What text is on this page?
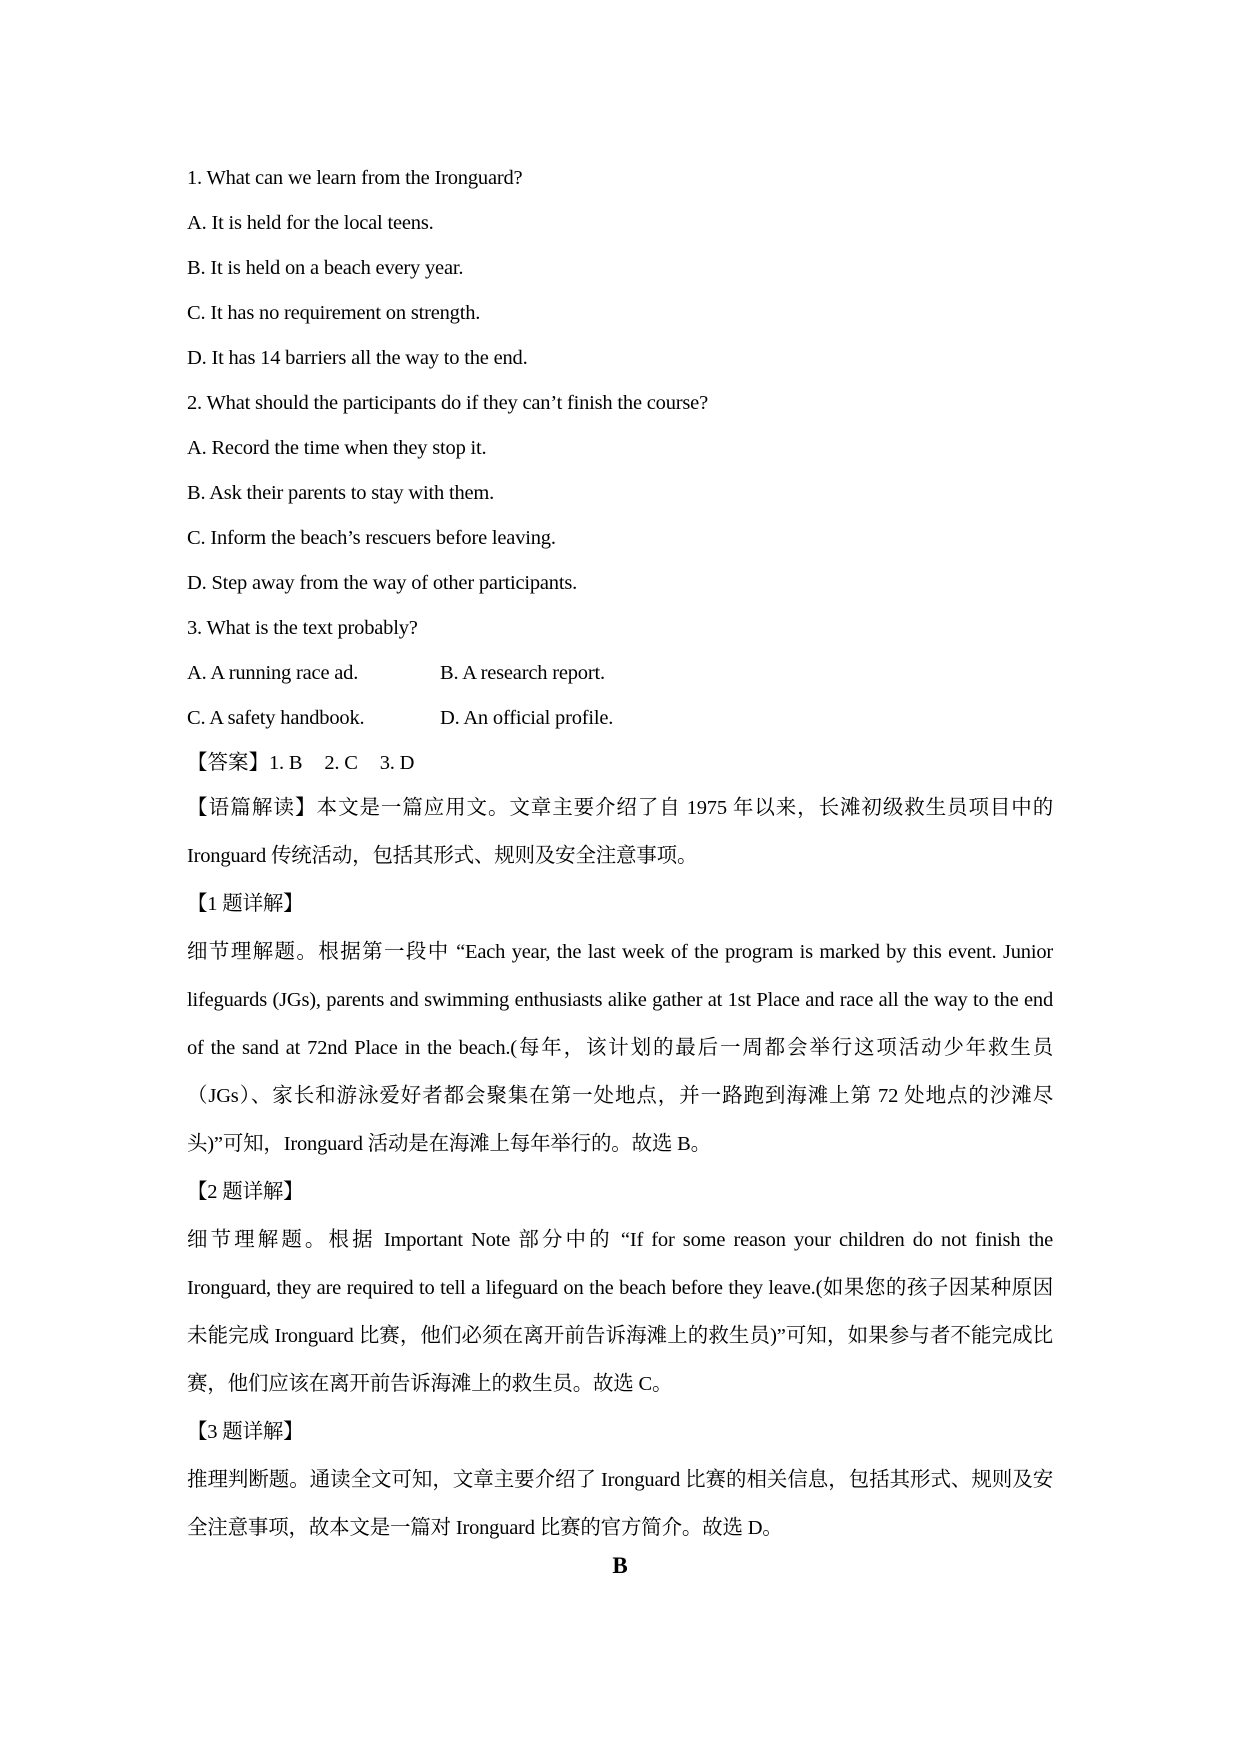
1. What can we learn from the Ironguard?
A. It is held for the local teens.
B. It is held on a beach every year.
C. It has no requirement on strength.
D. It has 14 barriers all the way to the end.
2. What should the participants do if they can’t finish the course?
A. Record the time when they stop it.
B. Ask their parents to stay with them.
C. Inform the beach’s rescuers before leaving.
D. Step away from the way of other participants.
3. What is the text probably?
A. A running race ad.	B. A research report.
C. A safety handbook.	D. An official profile.
【答案】1. B 2. C 3. D
【语篇解读】本文是一篇应用文。文章主要介绍了自 1975 年以来，长滩初级救生员项目中的 Ironguard 传统活动，包括其形式、规则及安全注意事项。
【1 题详解】
细节理解题。根据第一段中 “Each year, the last week of the program is marked by this event. Junior lifeguards (JGs), parents and swimming enthusiasts alike gather at 1st Place and race all the way to the end of the sand at 72nd Place in the beach.(每年，该计划的最后一周都会举行这项活动少年救生员（JGs）、家长和游泳爱好者都会聚集在第一处地点，并一路跑到海滩上第 72 处地点的沙滩尽头)”可知，Ironguard 活动是在海滩上每年举行的。故选 B。
【2 题详解】
细节理解题。根据 Important Note 部分中的 “If for some reason your children do not finish the Ironguard, they are required to tell a lifeguard on the beach before they leave.(如果您的孩子因某种原因未能完成 Ironguard 比赛，他们必须在离开前告诉海滩上的救生员)”可知，如果参与者不能完成比赛，他们应该在离开前告诉海滩上的救生员。故选 C。
【3 题详解】
推理判断题。通读全文可知，文章主要介绍了 Ironguard 比赛的相关信息，包括其形式、规则及安全注意事项，故本文是一篇对 Ironguard 比赛的官方简介。故选 D。
B
